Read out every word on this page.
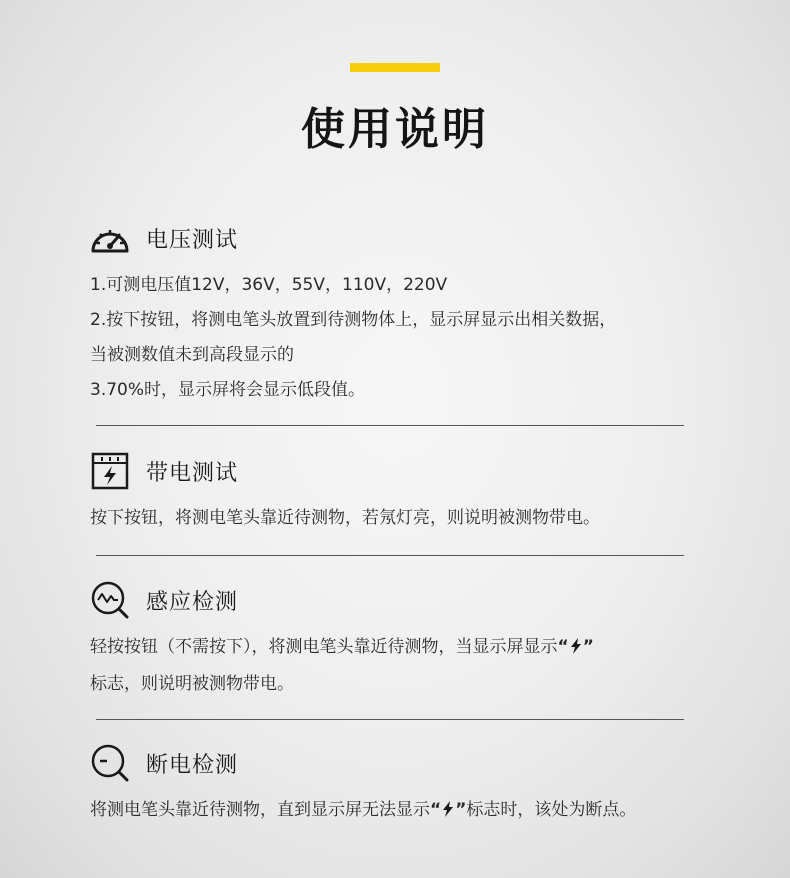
使用说明
电压测试

1.可测电压值12V，36V，55V，110V，220V

2.按下按钮，将测电笔头放置到待测物体上，显示屏显示出相关数据，

当被测数值未到高段显示的

3.70%时，显示屏将会显示低段值。

带电测试

按下按钮，将测电笔头靠近待测物，若氖灯亮，则说明被测物带电。

感应检测

轻按按钮（不需按下），将测电笔头靠近待测物，当显示屏显示“ ”

标志，则说明被测物带电。

断电检测

将测电笔头靠近待测物，直到显示屏无法显示“ ”标志时，该处为断点。
